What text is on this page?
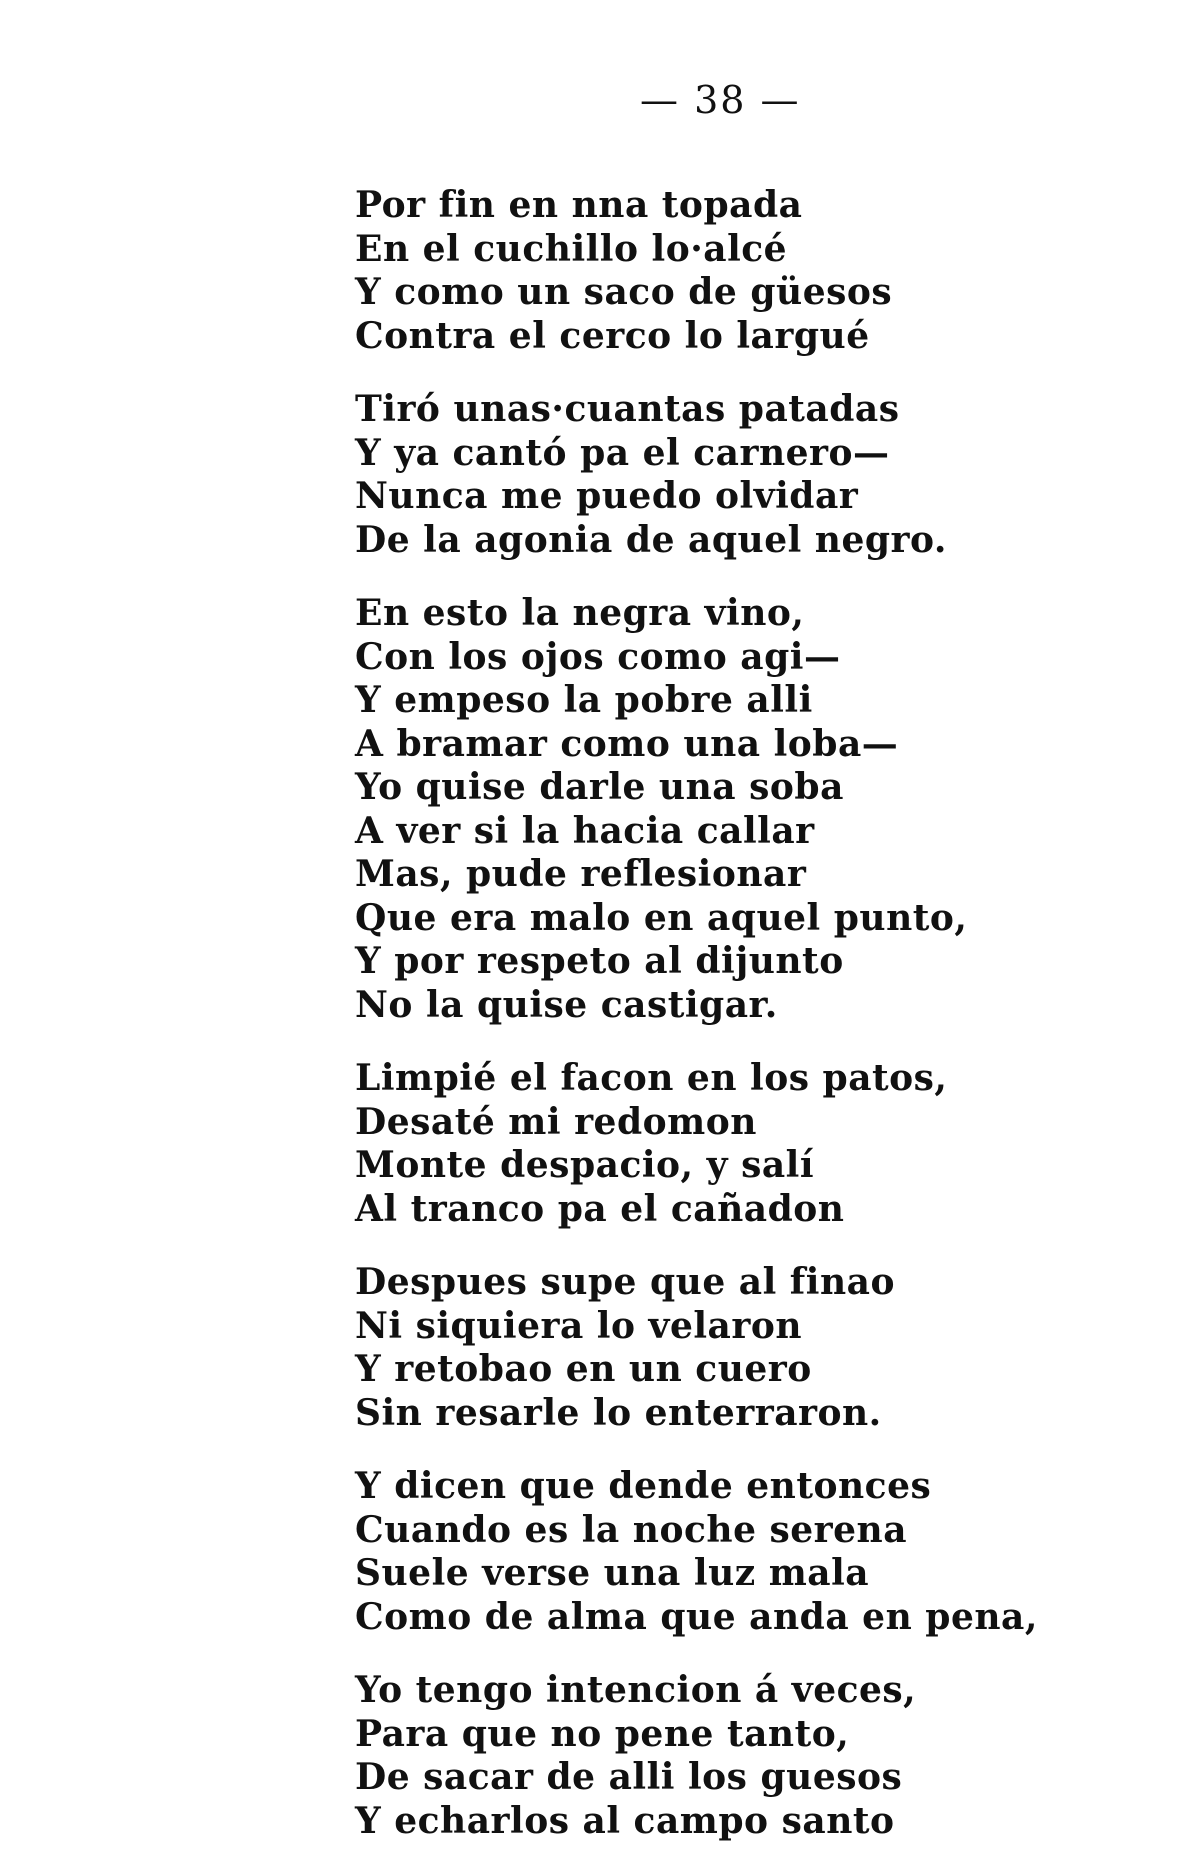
— 38 —
Por fin en nna topada
En el cuchillo lo·alcé
Y como un saco de güesos
Contra el cerco lo largué
Tiró unas·cuantas patadas
Y ya cantó pa el carnero—
Nunca me puedo olvidar
De la agonia de aquel negro.
En esto la negra vino,
Con los ojos como agi—
Y empeso la pobre alli
A bramar como una loba—
Yo quise darle una soba
A ver si la hacia callar
Mas, pude reflesionar
Que era malo en aquel punto,
Y por respeto al dijunto
No la quise castigar.
Limpié el facon en los patos,
Desaté mi redomon
Monte despacio, y salí
Al tranco pa el cañadon
Despues supe que al finao
Ni siquiera lo velaron
Y retobao en un cuero
Sin resarle lo enterraron.
Y dicen que dende entonces
Cuando es la noche serena
Suele verse una luz mala
Como de alma que anda en pena,
Yo tengo intencion á veces,
Para que no pene tanto,
De sacar de alli los guesos
Y echarlos al campo santo
